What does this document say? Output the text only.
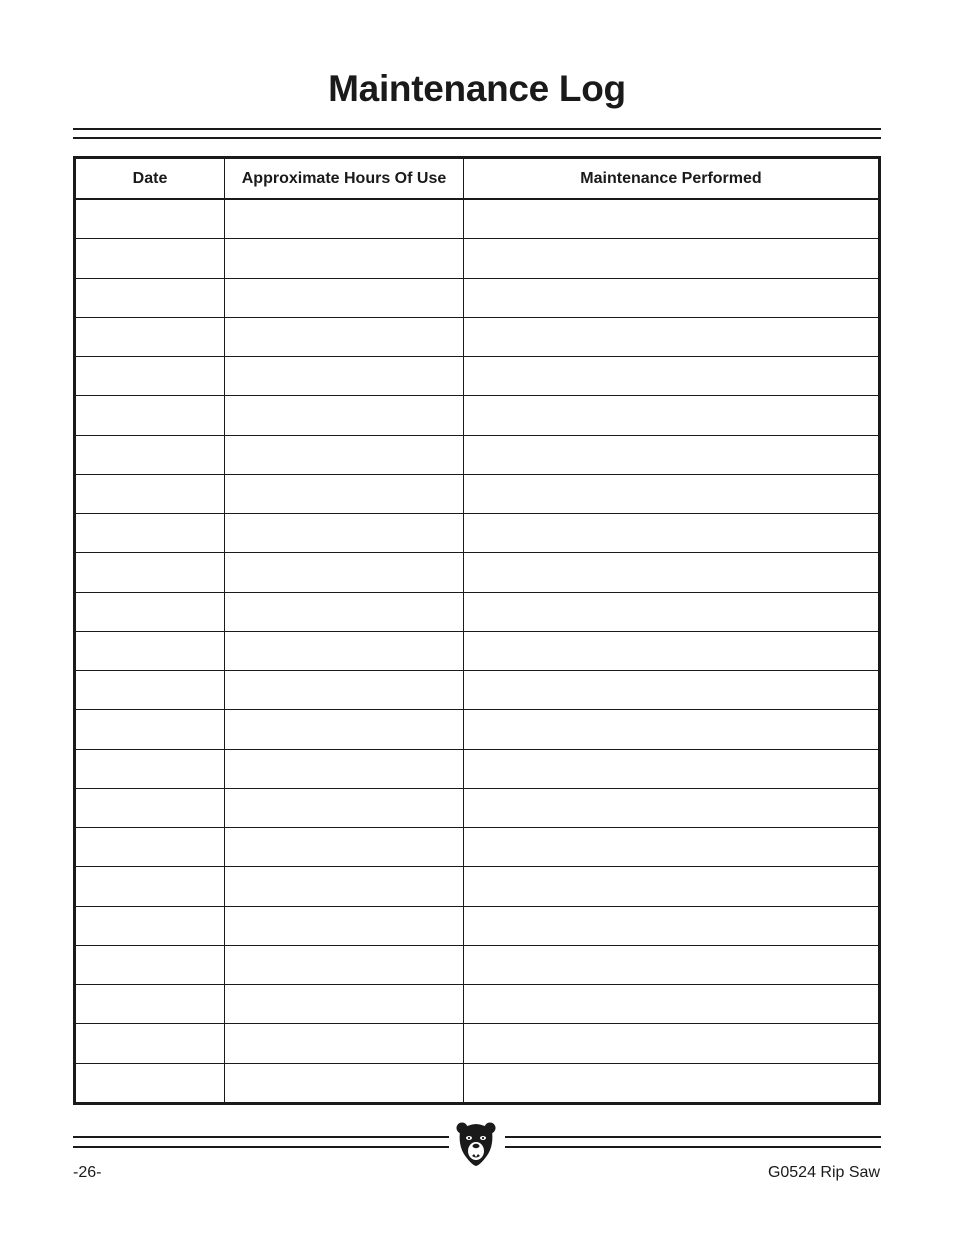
Maintenance Log
Date	Approximate Hours Of Use	Maintenance Performed

-26-	G0524 Rip Saw
